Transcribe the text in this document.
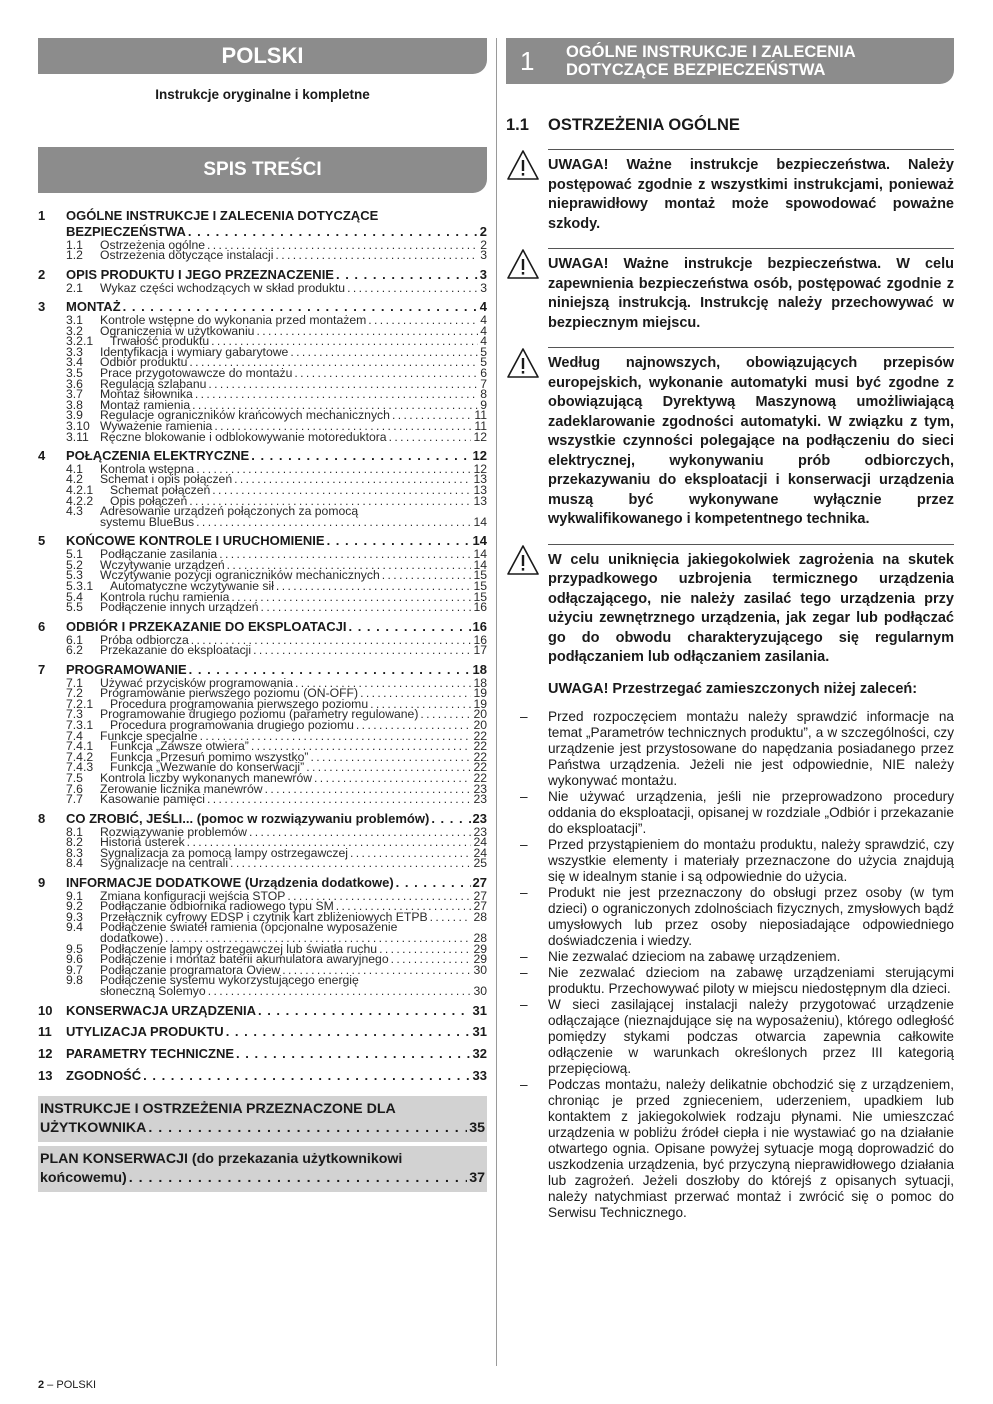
POLSKI
Instrukcje oryginalne i kompletne
SPIS TREŚCI
1 OGÓLNE INSTRUKCJE I ZALECENIA DOTYCZĄCE
BEZPIECZEŃSTWA . . .	2
1.1	Ostrzeżenia ogólne . . .	2
1.2	Ostrzeżenia dotyczące instalacji . . .	3
2 OPIS PRODUKTU I JEGO PRZEZNACZENIE . . .	3
2.1	Wykaz części wchodzących w skład produktu . . .	3
3 MONTAŻ . . .	4
3.1	Kontrole wstępne do wykonania przed montażem . . .	4
3.2	Ograniczenia w użytkowaniu . . .	4
3.2.1	Trwałość produktu . . .	4
3.3	Identyfikacja i wymiary gabarytowe . . .	5
3.4	Odbiór produktu . . .	5
3.5	Prace przygotowawcze do montażu . . .	6
3.6	Regulacja szlabanu . . .	7
3.7	Montaż siłownika . . .	8
3.8	Montaż ramienia . . .	9
3.9	Regulacje ograniczników krańcowych mechanicznych . . .	11
3.10 Wyważenie ramienia . . .	11
3.11 Ręczne blokowanie i odblokowywanie motoreduktora . . .	12
4 POŁĄCZENIA ELEKTRYCZNE . . .	12
4.1	Kontrola wstępna . . .	12
4.2	Schemat i opis połączeń . . .	13
4.2.1	Schemat połączeń . . .	13
4.2.2	Opis połączeń . . .	13
4.3 Adresowanie urządzeń połączonych za pomocą
systemu BlueBus . . .	14
5 KOŃCOWE KONTROLE I URUCHOMIENIE . . .	14
5.1	Podłączanie zasilania . . .	14
5.2	Wczytywanie urządzeń . . .	14
5.3	Wczytywanie pozycji ograniczników mechanicznych . . .	15
5.3.1	Automatyczne wczytywanie sił . . .	15
5.4	Kontrola ruchu ramienia . . .	15
5.5	Podłączenie innych urządzeń . . .	16
6 ODBIÓR I PRZEKAZANIE DO EKSPLOATACJI . . .	16
6.1	Próba odbiorcza . . .	16
6.2	Przekazanie do eksploatacji . . .	17
7 PROGRAMOWANIE . . .	18
7.1	Używać przycisków programowania . . .	18
7.2	Programowanie pierwszego poziomu (ON-OFF) . . .	19
7.2.1	Procedura programowania pierwszego poziomu . . .	19
7.3	Programowanie drugiego poziomu (parametry regulowane) . . .	20
7.3.1	Procedura programowania drugiego poziomu . . .	20
7.4	Funkcje specjalne . . .	22
7.4.1	Funkcja „Zawsze otwiera” . . .	22
7.4.2	Funkcja „Przesuń pomimo wszystko” . . .	22
7.4.3	Funkcja „Wezwanie do konserwacji” . . .	22
7.5	Kontrola liczby wykonanych manewrów . . .	22
7.6	Zerowanie licznika manewrów . . .	23
7.7	Kasowanie pamięci . . .	23
8 CO ZROBIĆ, JEŚLI... (pomoc w rozwiązywaniu problemów) . . .	23
8.1	Rozwiązywanie problemów . . .	23
8.2	Historia usterek . . .	24
8.3	Sygnalizacja za pomocą lampy ostrzegawczej . . .	24
8.4	Sygnalizacje na centrali . . .	25
9 INFORMACJE DODATKOWE (Urządzenia dodatkowe) . . .	27
9.1	Zmiana konfiguracji wejścia STOP . . .	27
9.2	Podłączanie odbiornika radiowego typu SM . . .	27
9.3	Przełącznik cyfrowy EDSP i czytnik kart zbliżeniowych ETPB . . .	28
9.4 Podłączenie świateł ramienia (opcjonalne wyposażenie
dodatkowe) . . .	28
9.5	Podłączenie lampy ostrzegawczej lub światła ruchu . . .	29
9.6	Podłączenie i montaż baterii akumulatora awaryjnego . . .	29
9.7	Podłączanie programatora Oview . . .	30
9.8 Podłączenie systemu wykorzystującego energię
słoneczną Solemyo . . .	30
10 KONSERWACJA URZĄDZENIA . . .	31
11 UTYLIZACJA PRODUKTU . . .	31
12 PARAMETRY TECHNICZNE . . .	32
13 ZGODNOŚĆ . . .	33
INSTRUKCJE I OSTRZEŻENIA PRZEZNACZONE DLA
UŻYTKOWNIKA . . .	35
PLAN KONSERWACJI (do przekazania użytkownikowi
końcowemu) . . .	37
2 – POLSKI
1	OGÓLNE INSTRUKCJE I ZALECENIA
DOTYCZĄCE BEZPIECZEŃSTWA
1.1 OSTRZEŻENIA OGÓLNE

UWAGA! Ważne instrukcje bezpieczeństwa. Należy postępować zgodnie z wszystkimi instrukcjami, ponieważ nieprawidłowy montaż może spowodować poważne szkody.

UWAGA! Ważne instrukcje bezpieczeństwa. W celu zapewnienia bezpieczeństwa osób, postępować zgodnie z niniejszą instrukcją. Instrukcję należy przechowywać w bezpiecznym miejscu.

Według najnowszych, obowiązujących przepisów europejskich, wykonanie automatyki musi być zgodne z obowiązującą Dyrektywą Maszynową umożliwiającą zadeklarowanie zgodności automatyki. W związku z tym, wszystkie czynności polegające na podłączeniu do sieci elektrycznej, wykonywaniu prób odbiorczych, przekazywaniu do eksploatacji i konserwacji urządzenia muszą być wykonywane wyłącznie przez wykwalifikowanego i kompetentnego technika.

W celu uniknięcia jakiegokolwiek zagrożenia na skutek przypadkowego uzbrojenia termicznego urządzenia odłączającego, nie należy zasilać tego urządzenia przy użyciu zewnętrznego urządzenia, jak zegar lub podłączać go do obwodu charakteryzującego się regularnym podłączaniem lub odłączaniem zasilania.

UWAGA! Przestrzegać zamieszczonych niżej zaleceń:
– Przed rozpoczęciem montażu należy sprawdzić informacje na temat „Parametrów technicznych produktu”, a w szczególności, czy urządzenie jest przystosowane do napędzania posiadanego przez Państwa urządzenia. Jeżeli nie jest odpowiednie, NIE należy wykonywać montażu.
– Nie używać urządzenia, jeśli nie przeprowadzono procedury oddania do eksploatacji, opisanej w rozdziale „Odbiór i przekazanie do eksploatacji”.
– Przed przystąpieniem do montażu produktu, należy sprawdzić, czy wszystkie elementy i materiały przeznaczone do użycia znajdują się w idealnym stanie i są odpowiednie do użycia.
– Produkt nie jest przeznaczony do obsługi przez osoby (w tym dzieci) o ograniczonych zdolnościach fizycznych, zmysłowych bądź umysłowych lub przez osoby nieposiadające odpowiedniego doświadczenia i wiedzy.
– Nie zezwalać dzieciom na zabawę urządzeniem.
– Nie zezwalać dzieciom na zabawę urządzeniami sterującymi produktu. Przechowywać piloty w miejscu niedostępnym dla dzieci.
– W sieci zasilającej instalacji należy przygotować urządzenie odłączające (nieznajdujące się na wyposażeniu), którego odległość pomiędzy stykami podczas otwarcia zapewnia całkowite odłączenie w warunkach określonych przez III kategorią przepięciową.
– Podczas montażu, należy delikatnie obchodzić się z urządzeniem, chroniąc je przed zgnieceniem, uderzeniem, upadkiem lub kontaktem z jakiegokolwiek rodzaju płynami. Nie umieszczać urządzenia w pobliżu źródeł ciepła i nie wystawiać go na działanie otwartego ognia. Opisane powyżej sytuacje mogą doprowadzić do uszkodzenia urządzenia, być przyczyną nieprawidłowego działania lub zagrożeń. Jeżeli doszłoby do którejś z opisanych sytuacji, należy natychmiast przerwać montaż i zwrócić się o pomoc do Serwisu Technicznego.
